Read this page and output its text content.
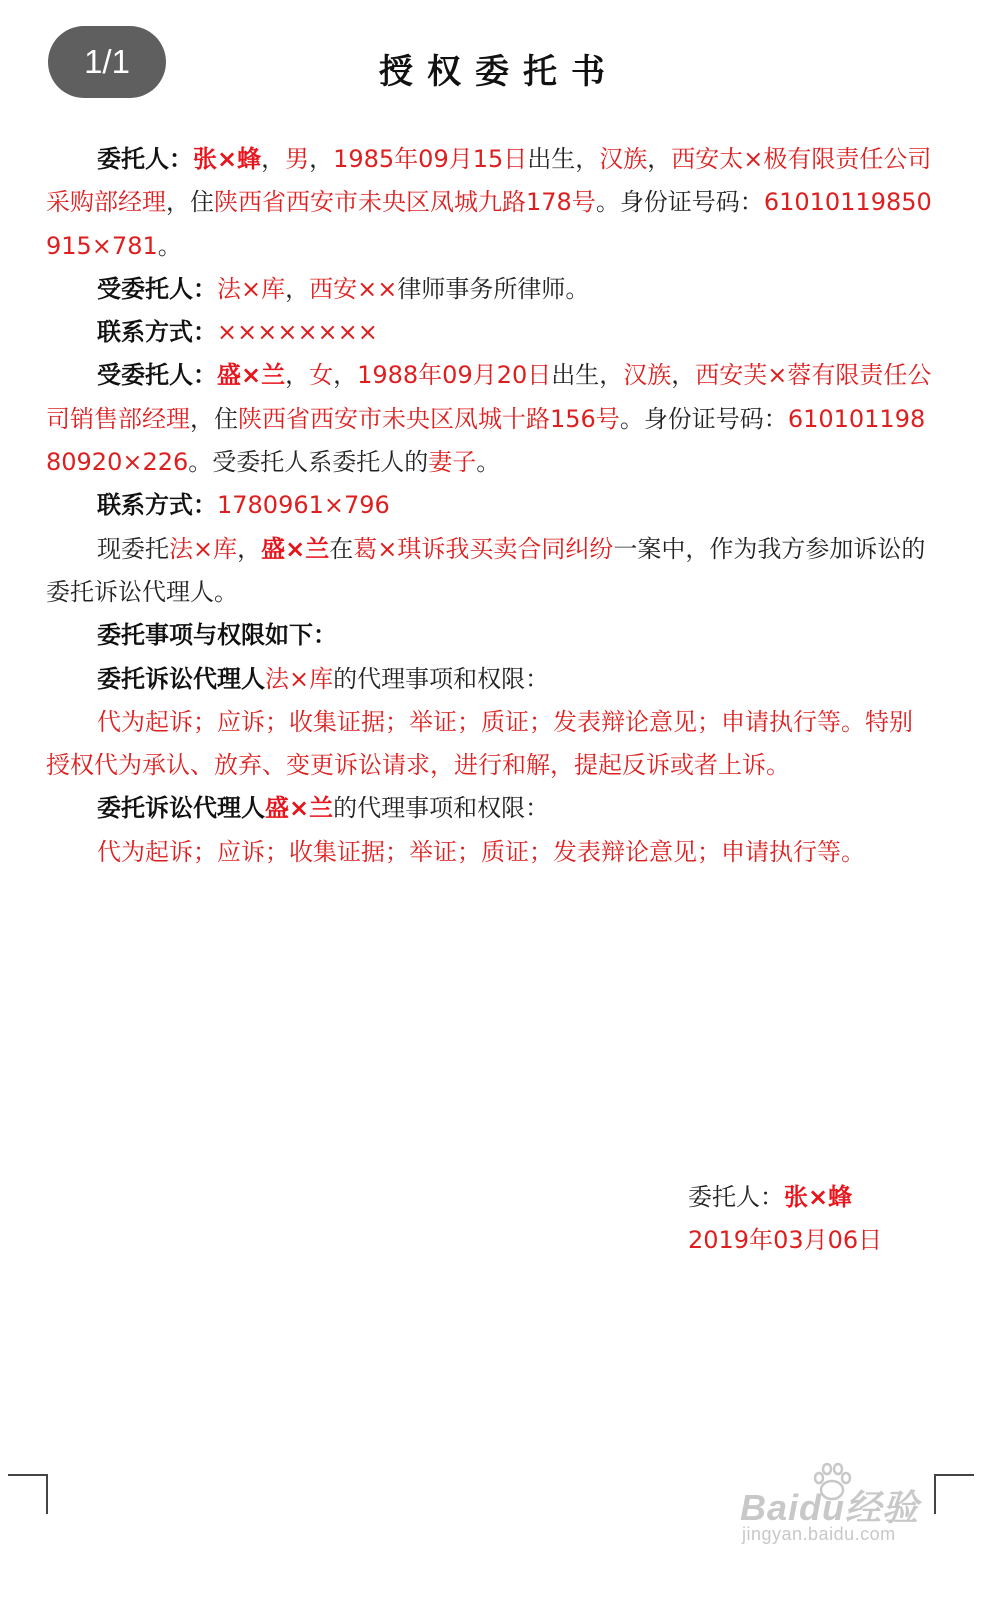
1/1	授权委托书

委托人：张×蜂，男，1985年09月15日出生，汉族，西安太×极有限责任公司采购部经理，住陕西省西安市未央区凤城九路178号。身份证号码：61010119850915×781。

受委托人：法×库，西安××律师事务所律师。

联系方式：××××××××

受委托人：盛×兰，女，1988年09月20日出生，汉族，西安芙×蓉有限责任公司销售部经理，住陕西省西安市未央区凤城十路156号。身份证号码：61010119880920×226。受委托人系委托人的妻子。

联系方式：1780961×796

现委托法×库，盛×兰在葛×琪诉我买卖合同纠纷一案中，作为我方参加诉讼的委托诉讼代理人。

委托事项与权限如下：

委托诉讼代理人法×库的代理事项和权限：

代为起诉；应诉；收集证据；举证；质证；发表辩论意见；申请执行等。特别授权代为承认、放弃、变更诉讼请求，进行和解，提起反诉或者上诉。

委托诉讼代理人盛×兰的代理事项和权限：

代为起诉；应诉；收集证据；举证；质证；发表辩论意见；申请执行等。

委托人：张×蜂
2019年03月06日
Baidu经验
jingyan.baidu.com
